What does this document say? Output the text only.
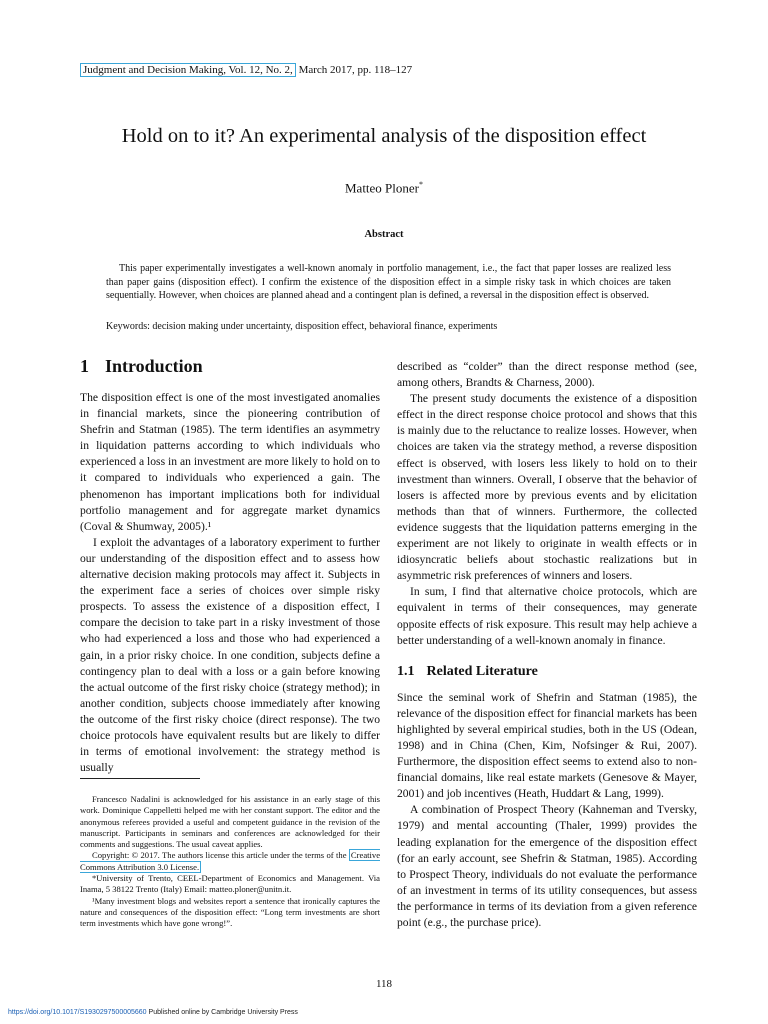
Judgment and Decision Making, Vol. 12, No. 2, March 2017, pp. 118–127
Hold on to it? An experimental analysis of the disposition effect
Matteo Ploner*
Abstract
This paper experimentally investigates a well-known anomaly in portfolio management, i.e., the fact that paper losses are realized less than paper gains (disposition effect). I confirm the existence of the disposition effect in a simple risky task in which choices are taken sequentially. However, when choices are planned ahead and a contingent plan is defined, a reversal in the disposition effect is observed.
Keywords: decision making under uncertainty, disposition effect, behavioral finance, experiments
1 Introduction

The disposition effect is one of the most investigated anomalies in financial markets, since the pioneering contribution of Shefrin and Statman (1985). The term identifies an asymmetry in liquidation patterns according to which individuals who experienced a loss in an investment are more likely to hold on to it compared to individuals who experienced a gain. The phenomenon has important implications both for individual portfolio management and for aggregate market dynamics (Coval & Shumway, 2005).¹

I exploit the advantages of a laboratory experiment to further our understanding of the disposition effect and to assess how alternative decision making protocols may affect it. Subjects in the experiment face a series of choices over simple risky prospects. To assess the existence of a disposition effect, I compare the decision to take part in a risky investment of those who had experienced a loss and those who had experienced a gain, in a prior risky choice. In one condition, subjects define a contingency plan to deal with a loss or a gain before knowing the actual outcome of the first risky choice (strategy method); in another condition, subjects choose immediately after knowing the outcome of the first risky choice (direct response). The two choice protocols have equivalent results but are likely to differ in terms of emotional involvement: the strategy method is usually

described as “colder” than the direct response method (see, among others, Brandts & Charness, 2000).

The present study documents the existence of a disposition effect in the direct response choice protocol and shows that this is mainly due to the reluctance to realize losses. However, when choices are taken via the strategy method, a reverse disposition effect is observed, with losers less likely to hold on to their investment than winners. Overall, I observe that the behavior of losers is affected more by previous events and by elicitation methods than that of winners. Furthermore, the collected evidence suggests that the liquidation patterns emerging in the experiment are not likely to originate in wealth effects or in idiosyncratic beliefs about stochastic realizations but in asymmetric risk preferences of winners and losers.

In sum, I find that alternative choice protocols, which are equivalent in terms of their consequences, may generate opposite effects of risk exposure. This result may help achieve a better understanding of a well-known anomaly in finance.

1.1 Related Literature

Since the seminal work of Shefrin and Statman (1985), the relevance of the disposition effect for financial markets has been highlighted by several empirical studies, both in the US (Odean, 1998) and in China (Chen, Kim, Nofsinger & Rui, 2007). Furthermore, the disposition effect seems to extend also to non-financial domains, like real estate markets (Genesove & Mayer, 2001) and job incentives (Heath, Huddart & Lang, 1999).

A combination of Prospect Theory (Kahneman and Tversky, 1979) and mental accounting (Thaler, 1999) provides the leading explanation for the emergence of the disposition effect (for an early account, see Shefrin & Statman, 1985). According to Prospect Theory, individuals do not evaluate the performance of an investment in terms of its utility consequences, but assess the performance in terms of its deviation from a given reference point (e.g., the purchase price).

Francesco Nadalini is acknowledged for his assistance in an early stage of this work. Dominique Cappelletti helped me with her constant support. The editor and the anonymous referees provided a useful and competent guidance in the revision of the manuscript. Participants in seminars and conferences are acknowledged for their comments and suggestions. The usual caveat applies.

Copyright: © 2017. The authors license this article under the terms of the Creative Commons Attribution 3.0 License.

*University of Trento, CEEL-Department of Economics and Management. Via Inama, 5 38122 Trento (Italy) Email: matteo.ploner@unitn.it.

¹Many investment blogs and websites report a sentence that ironically captures the nature and consequences of the disposition effect: “Long term investments are short term investments which have gone wrong!”.

118
https://doi.org/10.1017/S1930297500005660 Published online by Cambridge University Press
